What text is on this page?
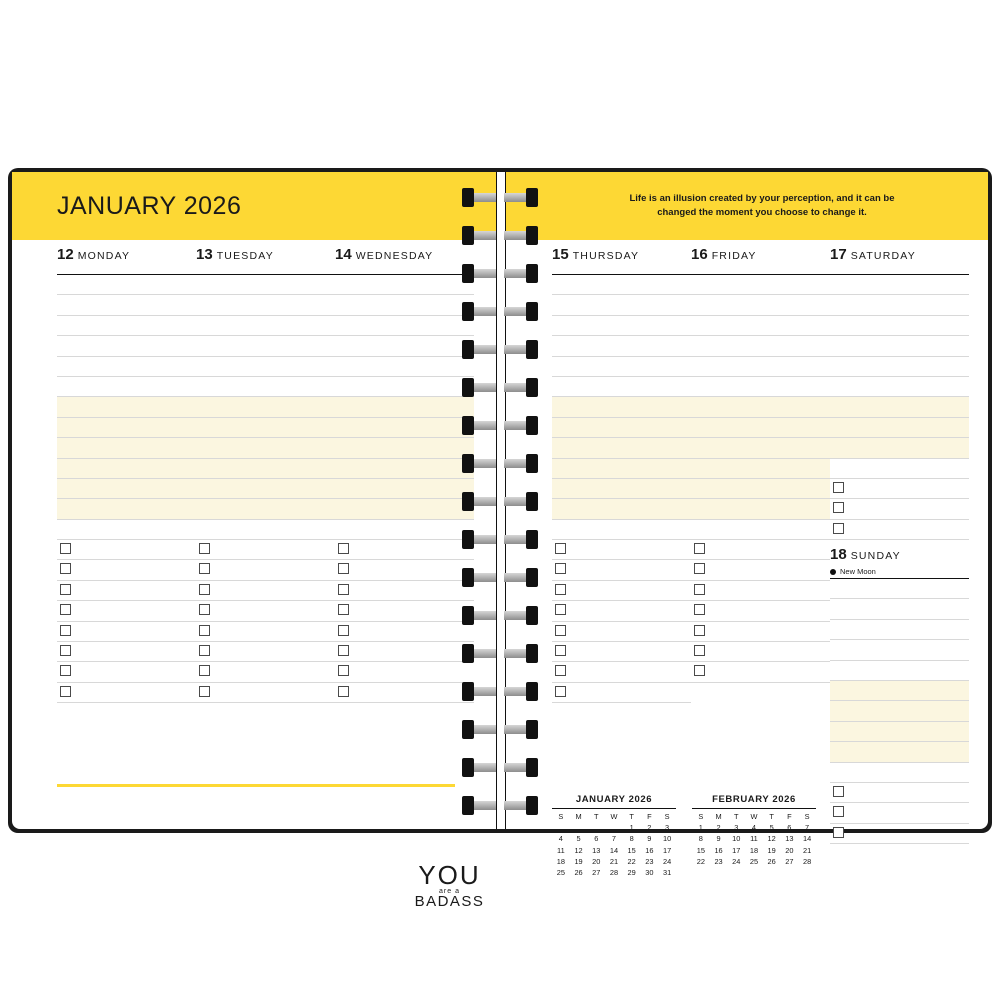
JANUARY 2026	Life is an illusion created by your perception, and it can be changed the moment you choose to change it.
12 MONDAY	13 TUESDAY	14 WEDNESDAY	15 THURSDAY	16 FRIDAY	17 SATURDAY
18 SUNDAY
New Moon
YOU
are a
BADASS
JANUARY 2026
S	M	T	W	T	F	S
				1	2	3
4	5	6	7	8	9	10
11	12	13	14	15	16	17
18	19	20	21	22	23	24
25	26	27	28	29	30	31
FEBRUARY 2026
S	M	T	W	T	F	S
1	2	3	4	5	6	7
8	9	10	11	12	13	14
15	16	17	18	19	20	21
22	23	24	25	26	27	28
